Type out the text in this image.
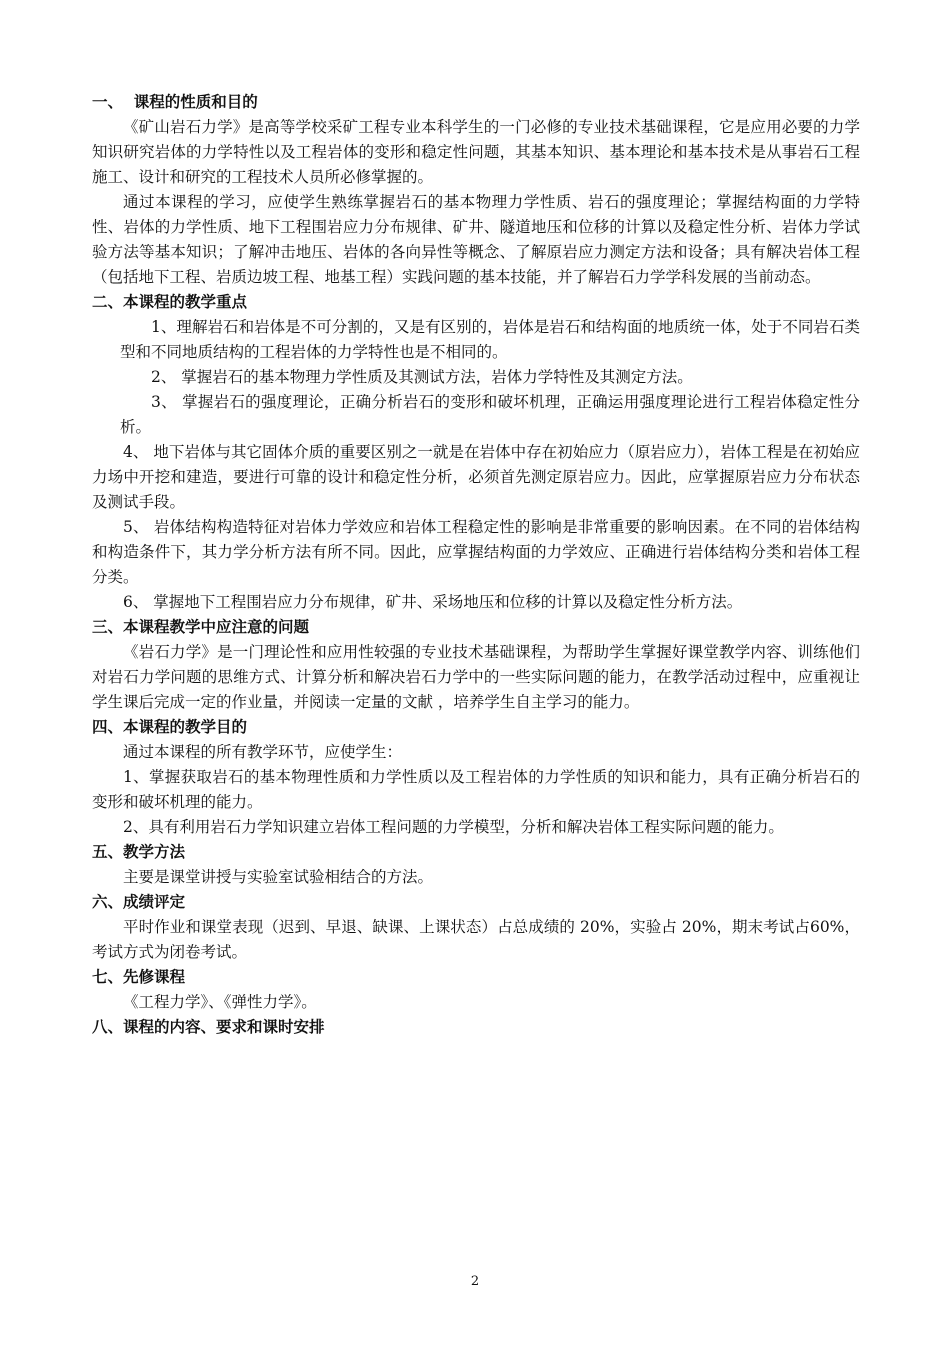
一、  课程的性质和目的

《矿山岩石力学》是高等学校采矿工程专业本科学生的一门必修的专业技术基础课程，它是应用必要的力学知识研究岩体的力学特性以及工程岩体的变形和稳定性问题，其基本知识、基本理论和基本技术是从事岩石工程施工、设计和研究的工程技术人员所必修掌握的。

通过本课程的学习，应使学生熟练掌握岩石的基本物理力学性质、岩石的强度理论；掌握结构面的力学特性、岩体的力学性质、地下工程围岩应力分布规律、矿井、隧道地压和位移的计算以及稳定性分析、岩体力学试验方法等基本知识；了解冲击地压、岩体的各向异性等概念、了解原岩应力测定方法和设备；具有解决岩体工程（包括地下工程、岩质边坡工程、地基工程）实践问题的基本技能，并了解岩石力学学科发展的当前动态。

二、本课程的教学重点

1、理解岩石和岩体是不可分割的，又是有区别的，岩体是岩石和结构面的地质统一体，处于不同岩石类型和不同地质结构的工程岩体的力学特性也是不相同的。

2、 掌握岩石的基本物理力学性质及其测试方法，岩体力学特性及其测定方法。

3、 掌握岩石的强度理论，正确分析岩石的变形和破坏机理，正确运用强度理论进行工程岩体稳定性分析。

4、 地下岩体与其它固体介质的重要区别之一就是在岩体中存在初始应力（原岩应力），岩体工程是在初始应力场中开挖和建造，要进行可靠的设计和稳定性分析，必须首先测定原岩应力。因此，应掌握原岩应力分布状态及测试手段。

5、 岩体结构构造特征对岩体力学效应和岩体工程稳定性的影响是非常重要的影响因素。在不同的岩体结构和构造条件下，其力学分析方法有所不同。因此，应掌握结构面的力学效应、正确进行岩体结构分类和岩体工程分类。

6、 掌握地下工程围岩应力分布规律，矿井、采场地压和位移的计算以及稳定性分析方法。

三、本课程教学中应注意的问题

《岩石力学》是一门理论性和应用性较强的专业技术基础课程，为帮助学生掌握好课堂教学内容、训练他们对岩石力学问题的思维方式、计算分析和解决岩石力学中的一些实际问题的能力，在教学活动过程中，应重视让学生课后完成一定的作业量，并阅读一定量的文献 ，培养学生自主学习的能力。

四、本课程的教学目的

通过本课程的所有教学环节，应使学生：

1、掌握获取岩石的基本物理性质和力学性质以及工程岩体的力学性质的知识和能力，具有正确分析岩石的变形和破坏机理的能力。

2、具有利用岩石力学知识建立岩体工程问题的力学模型，分析和解决岩体工程实际问题的能力。

五、教学方法

主要是课堂讲授与实验室试验相结合的方法。

六、成绩评定

平时作业和课堂表现（迟到、早退、缺课、上课状态）占总成绩的 20%，实验占 20%，期末考试占60%，考试方式为闭卷考试。

七、先修课程

《工程力学》、《弹性力学》。

八、课程的内容、要求和课时安排

2
